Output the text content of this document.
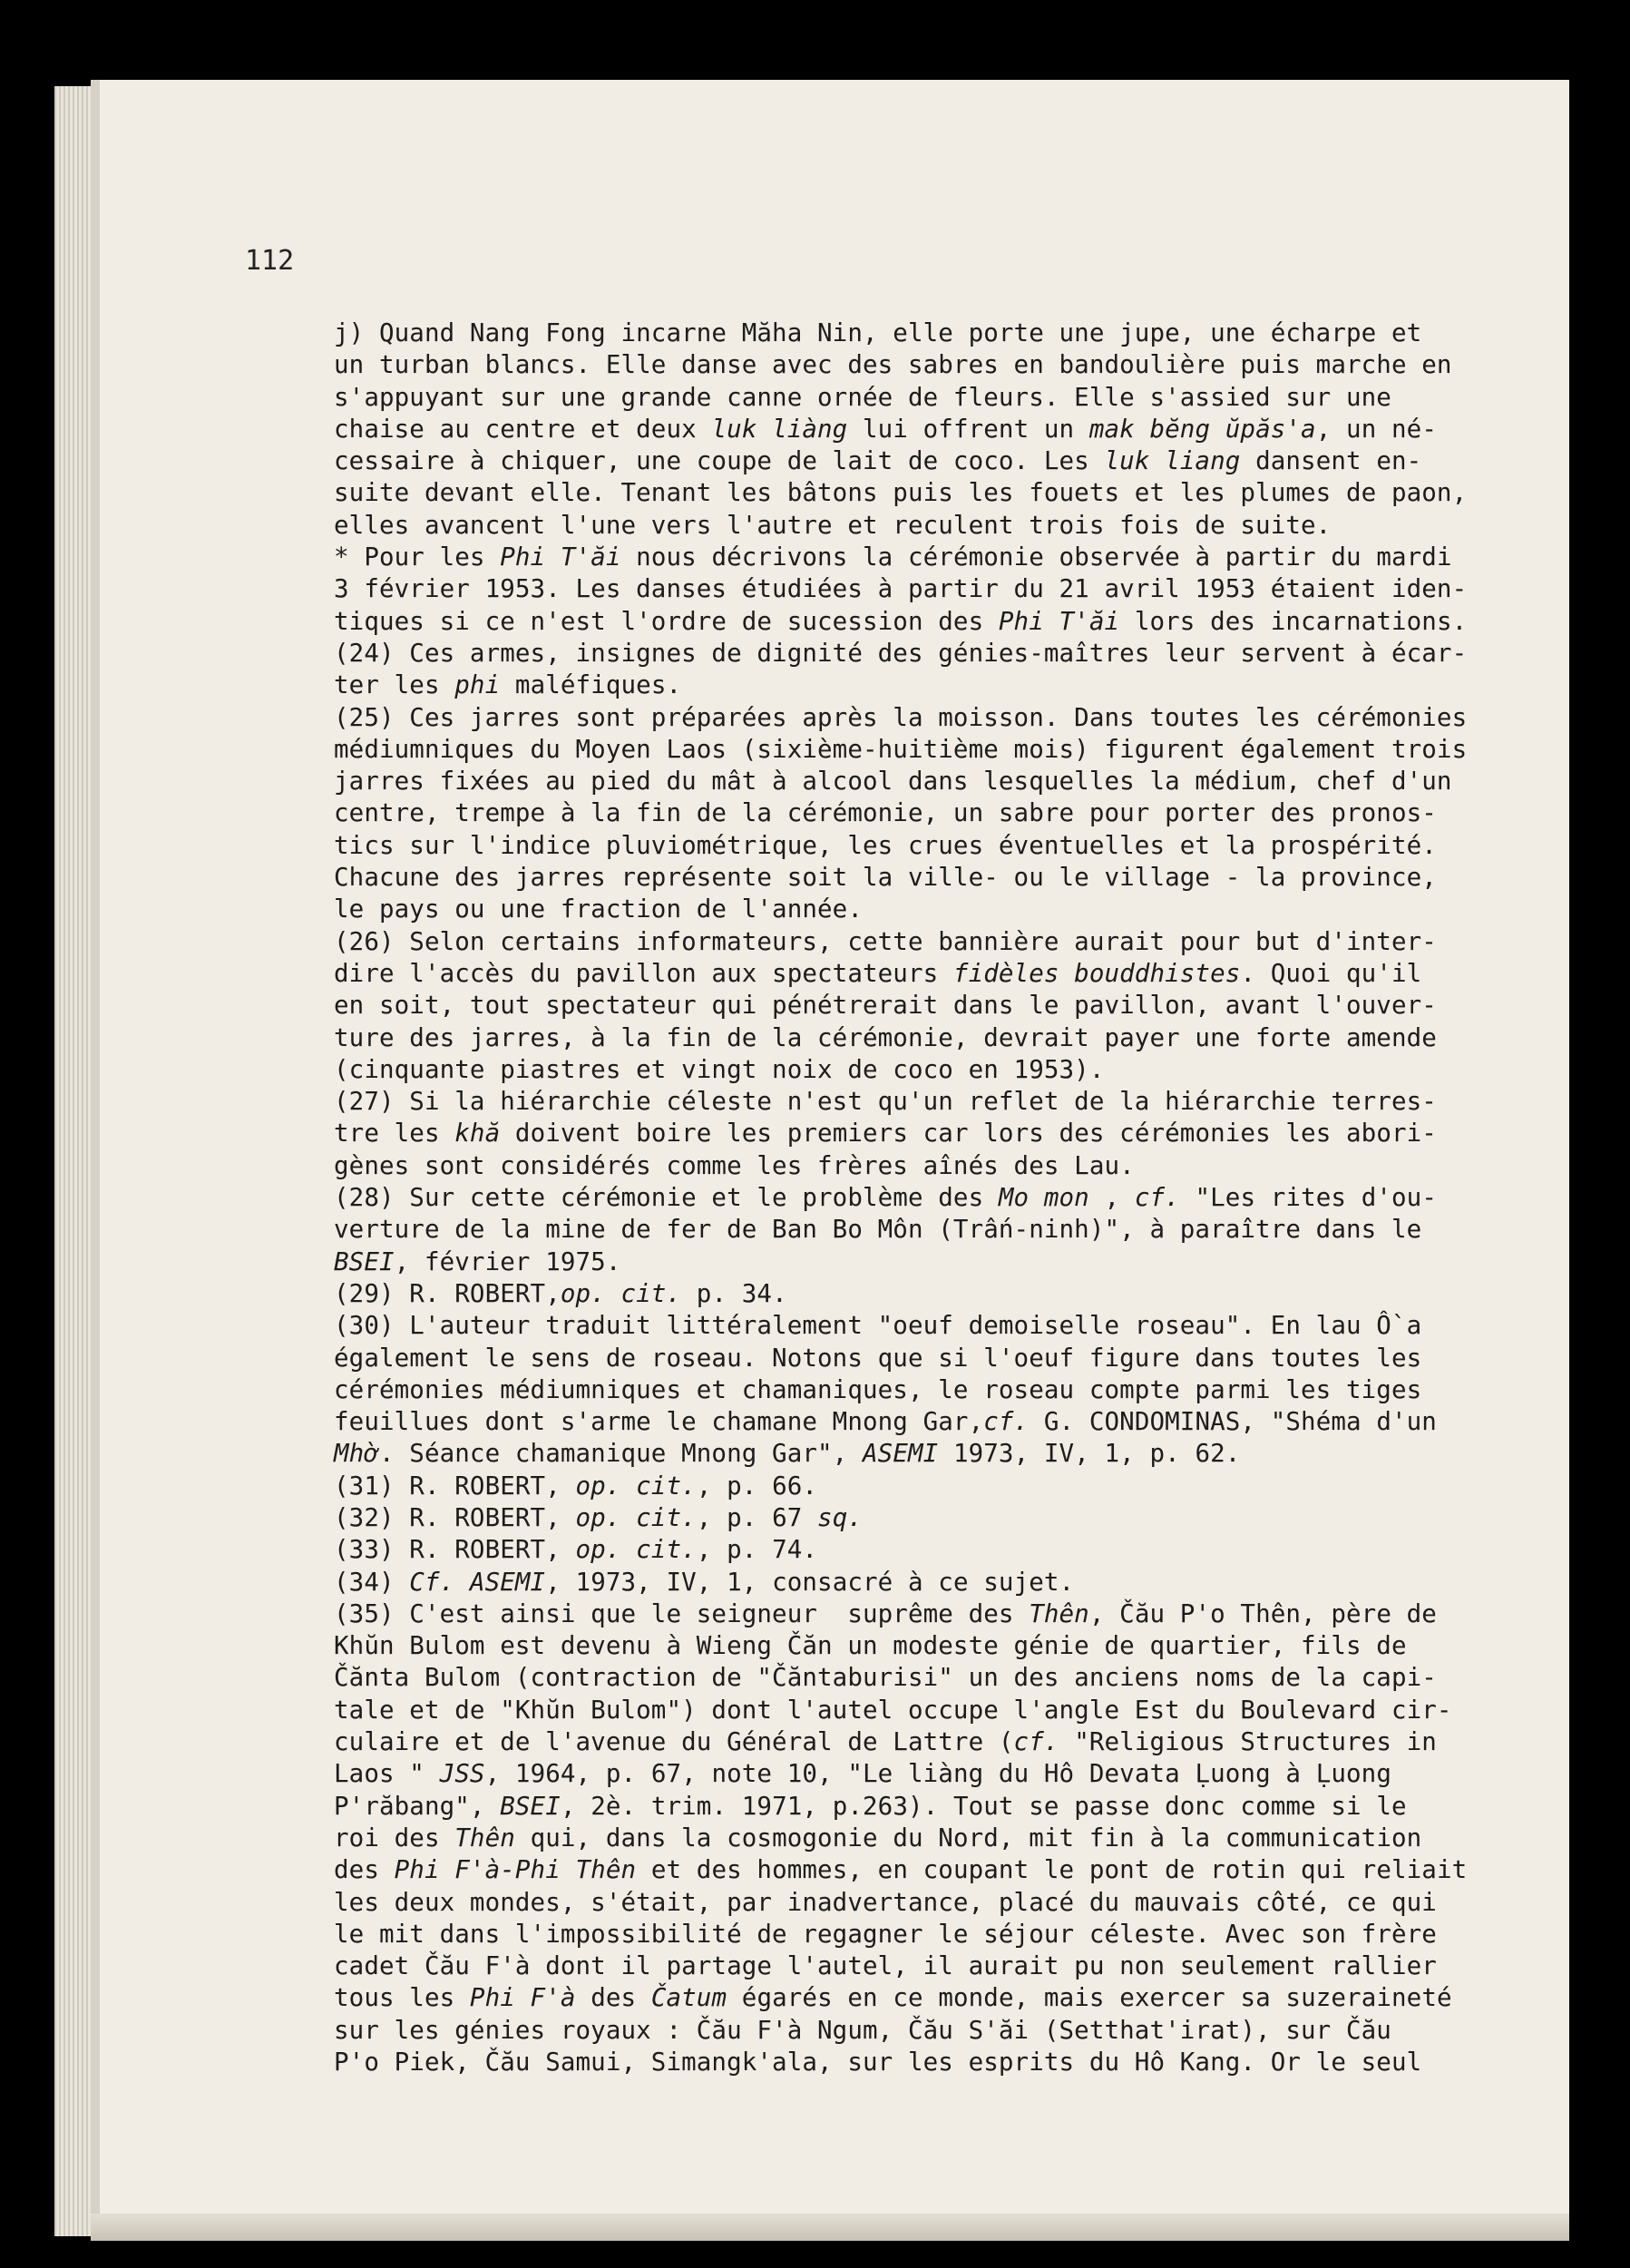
112
j) Quand Nang Fong incarne Măha Nin, elle porte une jupe, une écharpe et
un turban blancs. Elle danse avec des sabres en bandoulière puis marche en
s'appuyant sur une grande canne ornée de fleurs. Elle s'assied sur une
chaise au centre et deux luk liàng lui offrent un mak bĕng ŭpăs'a, un né-
cessaire à chiquer, une coupe de lait de coco. Les luk liang dansent en-
suite devant elle. Tenant les bâtons puis les fouets et les plumes de paon,
elles avancent l'une vers l'autre et reculent trois fois de suite.
* Pour les Phi T'ăi nous décrivons la cérémonie observée à partir du mardi
3 février 1953. Les danses étudiées à partir du 21 avril 1953 étaient iden-
tiques si ce n'est l'ordre de sucession des Phi T'ăi lors des incarnations.
(24) Ces armes, insignes de dignité des génies-maîtres leur servent à écar-
ter les phi maléfiques.
(25) Ces jarres sont préparées après la moisson. Dans toutes les cérémonies
médiumniques du Moyen Laos (sixième-huitième mois) figurent également trois
jarres fixées au pied du mât à alcool dans lesquelles la médium, chef d'un
centre, trempe à la fin de la cérémonie, un sabre pour porter des pronos-
tics sur l'indice pluviométrique, les crues éventuelles et la prospérité.
Chacune des jarres représente soit la ville- ou le village - la province,
le pays ou une fraction de l'année.
(26) Selon certains informateurs, cette bannière aurait pour but d'inter-
dire l'accès du pavillon aux spectateurs fidèles bouddhistes. Quoi qu'il
en soit, tout spectateur qui pénétrerait dans le pavillon, avant l'ouver-
ture des jarres, à la fin de la cérémonie, devrait payer une forte amende
(cinquante piastres et vingt noix de coco en 1953).
(27) Si la hiérarchie céleste n'est qu'un reflet de la hiérarchie terres-
tre les khă doivent boire les premiers car lors des cérémonies les abori-
gènes sont considérés comme les frères aînés des Lau.
(28) Sur cette cérémonie et le problème des Mo mon , cf. "Les rites d'ou-
verture de la mine de fer de Ban Bo Môn (Trấn-ninh)", à paraître dans le
BSEI, février 1975.
(29) R. ROBERT,op. cit. p. 34.
(30) L'auteur traduit littéralement "oeuf demoiselle roseau". En lau Ồ a
également le sens de roseau. Notons que si l'oeuf figure dans toutes les
cérémonies médiumniques et chamaniques, le roseau compte parmi les tiges
feuillues dont s'arme le chamane Mnong Gar,cf. G. CONDOMINAS, "Shéma d'un
Mhờ. Séance chamanique Mnong Gar", ASEMI 1973, IV, 1, p. 62.
(31) R. ROBERT, op. cit., p. 66.
(32) R. ROBERT, op. cit., p. 67 sq.
(33) R. ROBERT, op. cit., p. 74.
(34) Cf. ASEMI, 1973, IV, 1, consacré à ce sujet.
(35) C'est ainsi que le seigneur  suprême des Thên, Čău P'o Thên, père de
Khŭn Bulom est devenu à Wieng Čăn un modeste génie de quartier, fils de
Čănta Bulom (contraction de "Čăntaburisi" un des anciens noms de la capi-
tale et de "Khŭn Bulom") dont l'autel occupe l'angle Est du Boulevard cir-
culaire et de l'avenue du Général de Lattre (cf. "Religious Structures in
Laos " JSS, 1964, p. 67, note 10, "Le liàng du Hô Devata Ḷuong à Ḷuong
P'răbang", BSEI, 2è. trim. 1971, p.263). Tout se passe donc comme si le
roi des Thên qui, dans la cosmogonie du Nord, mit fin à la communication
des Phi F'à-Phi Thên et des hommes, en coupant le pont de rotin qui reliait
les deux mondes, s'était, par inadvertance, placé du mauvais côté, ce qui
le mit dans l'impossibilité de regagner le séjour céleste. Avec son frère
cadet Čău F'à dont il partage l'autel, il aurait pu non seulement rallier
tous les Phi F'à des Čatum égarés en ce monde, mais exercer sa suzeraineté
sur les génies royaux : Čău F'à Ngum, Čău S'ăi (Setthat'irat), sur Čău
P'o Piek, Čău Samui, Simangk'ala, sur les esprits du Hô Kang. Or le seul
